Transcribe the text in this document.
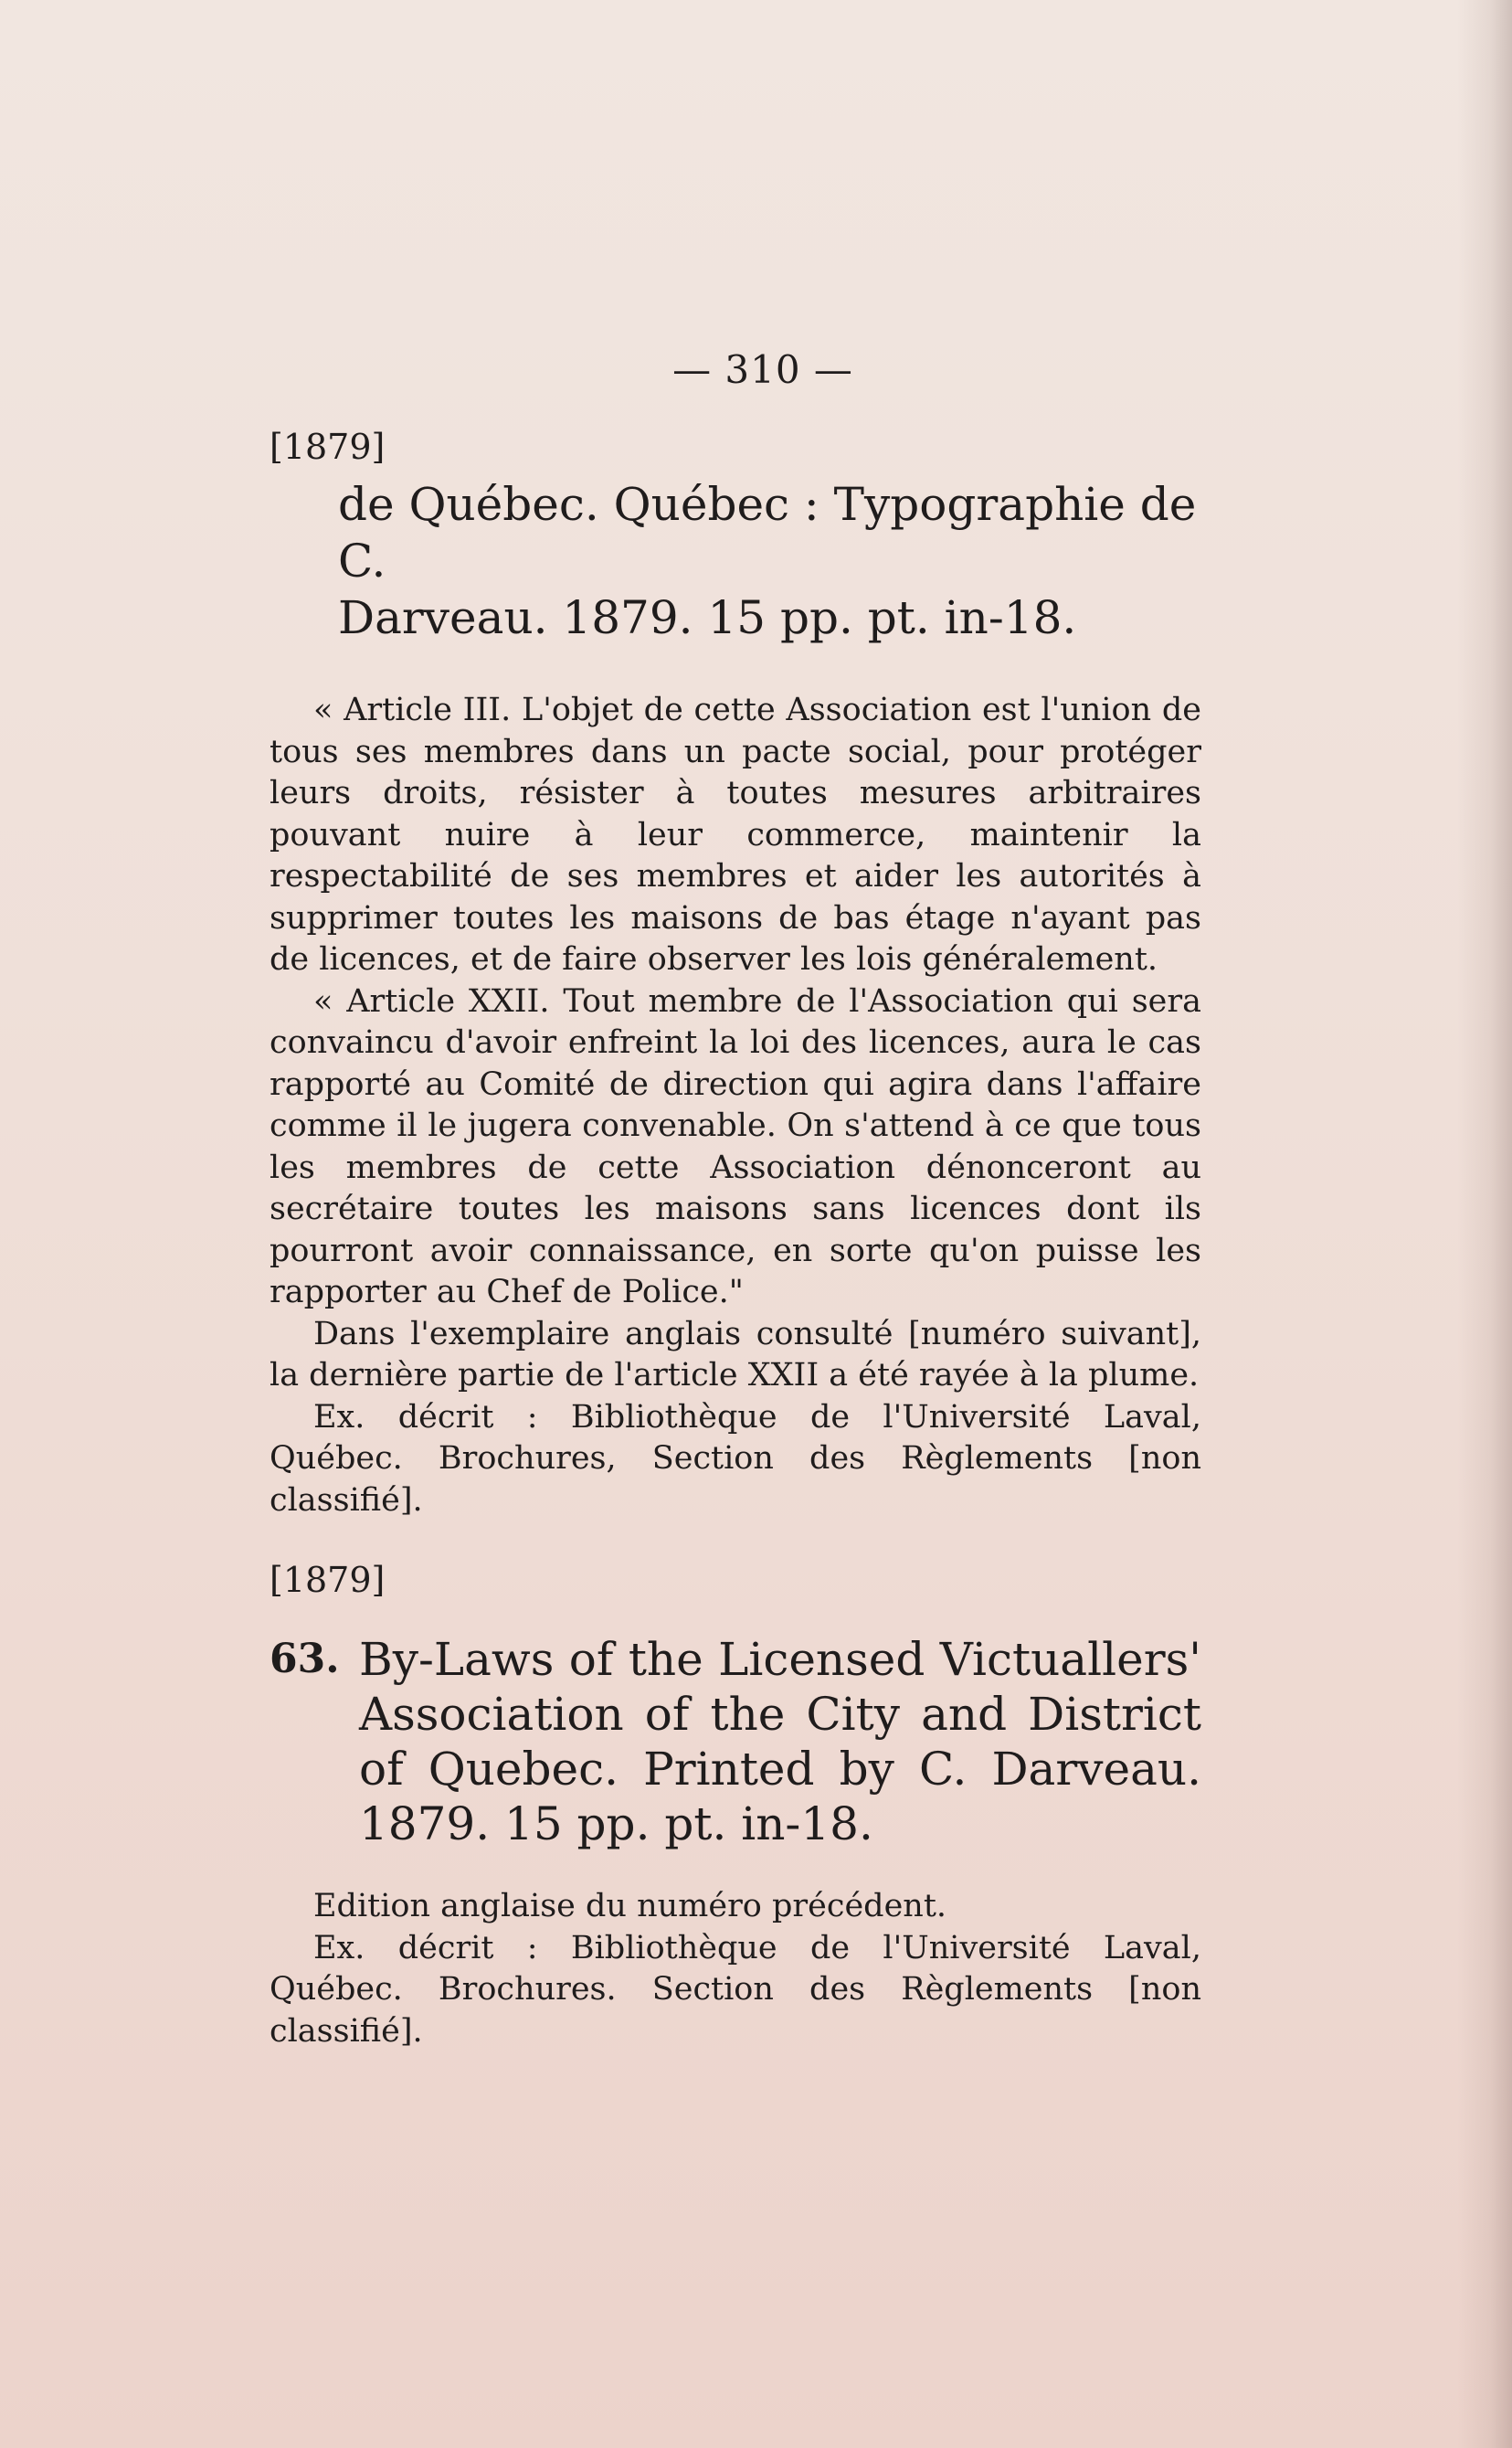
— 310 —
[1879]
de Québec. Québec : Typographie de C.
Darveau. 1879. 15 pp. pt. in-18.

« Article III. L'objet de cette Association est l'union de tous ses membres dans un pacte social, pour protéger leurs droits, résister à toutes mesures arbitraires pouvant nuire à leur commerce, maintenir la respectabilité de ses membres et aider les autorités à supprimer toutes les maisons de bas étage n'ayant pas de licences, et de faire observer les lois généralement.

« Article XXII. Tout membre de l'Association qui sera convaincu d'avoir enfreint la loi des licences, aura le cas rapporté au Comité de direction qui agira dans l'affaire comme il le jugera convenable. On s'attend à ce que tous les membres de cette Association dénonceront au secrétaire toutes les maisons sans licences dont ils pourront avoir connaissance, en sorte qu'on puisse les rapporter au Chef de Police."

Dans l'exemplaire anglais consulté [numéro suivant], la dernière partie de l'article XXII a été rayée à la plume.

Ex. décrit : Bibliothèque de l'Université Laval, Québec. Brochures, Section des Règlements [non classifié].

[1879]
63. By-Laws of the Licensed Victuallers' Association of the City and District of Quebec. Printed by C. Darveau. 1879. 15 pp. pt. in-18.

Edition anglaise du numéro précédent.

Ex. décrit : Bibliothèque de l'Université Laval, Québec. Brochures. Section des Règlements [non classifié].
